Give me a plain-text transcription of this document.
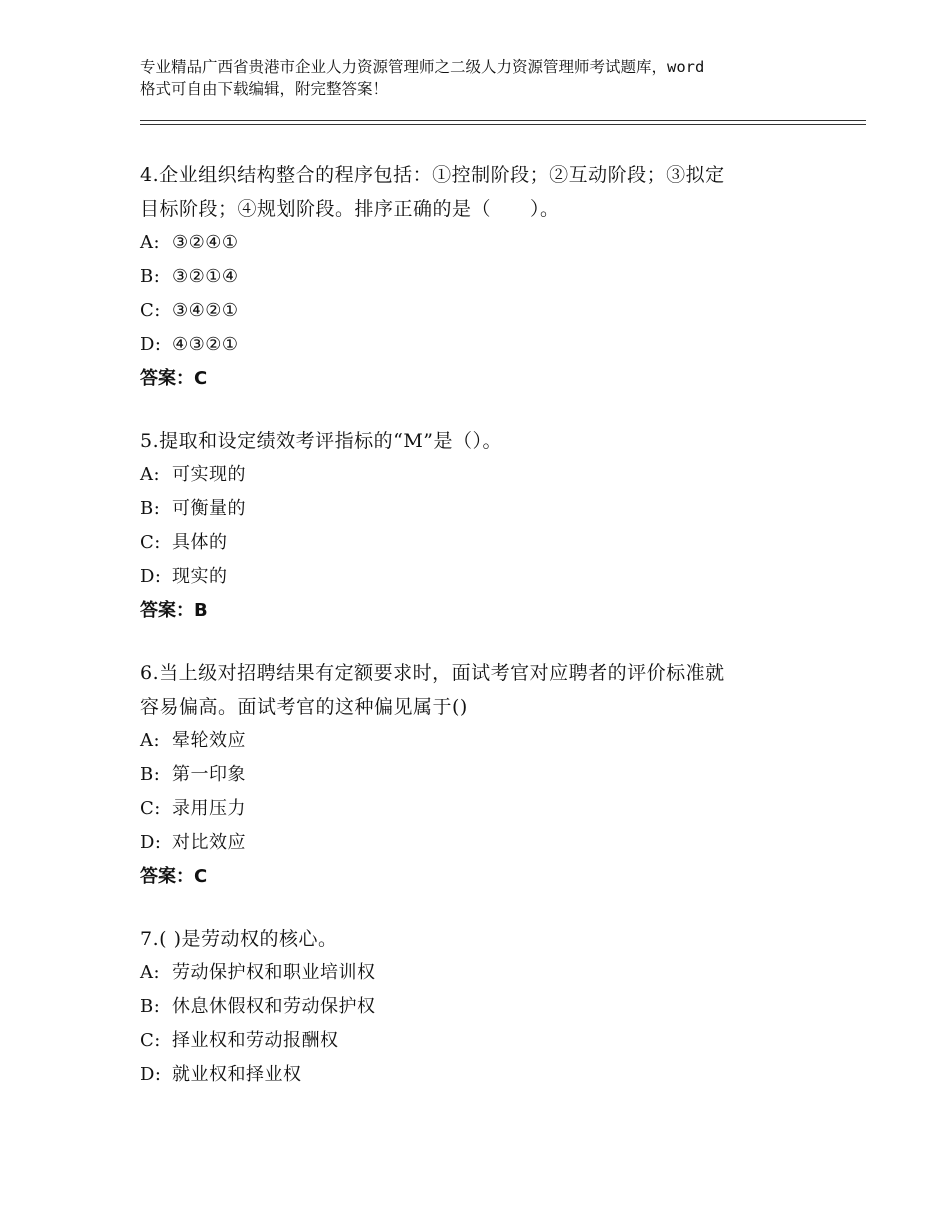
专业精品广西省贵港市企业人力资源管理师之二级人力资源管理师考试题库，word
格式可自由下载编辑，附完整答案！
4.企业组织结构整合的程序包括：①控制阶段；②互动阶段；③拟定
目标阶段；④规划阶段。排序正确的是（　　）。
A: ③②④①
B: ③②①④
C: ③④②①
D: ④③②①
答案：C
5.提取和设定绩效考评指标的“M”是（）。
A: 可实现的
B: 可衡量的
C: 具体的
D: 现实的
答案：B
6.当上级对招聘结果有定额要求时，面试考官对应聘者的评价标准就
容易偏高。面试考官的这种偏见属于()
A: 晕轮效应
B: 第一印象
C: 录用压力
D: 对比效应
答案：C
7.( )是劳动权的核心。
A: 劳动保护权和职业培训权
B: 休息休假权和劳动保护权
C: 择业权和劳动报酬权
D: 就业权和择业权
